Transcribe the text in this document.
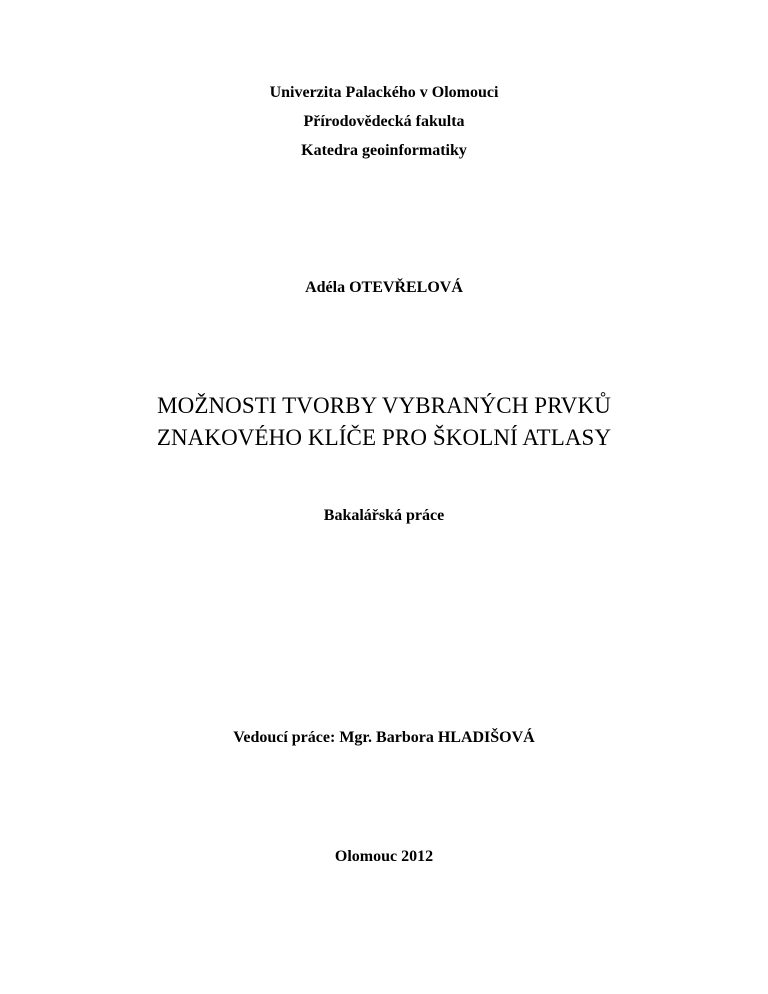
Univerzita Palackého v Olomouci
Přírodovědecká fakulta
Katedra geoinformatiky
Adéla OTEVŘELOVÁ
MOŽNOSTI TVORBY VYBRANÝCH PRVKŮ
ZNAKOVÉHO KLÍČE PRO ŠKOLNÍ ATLASY
Bakalářská práce
Vedoucí práce: Mgr. Barbora HLADIŠOVÁ
Olomouc 2012
